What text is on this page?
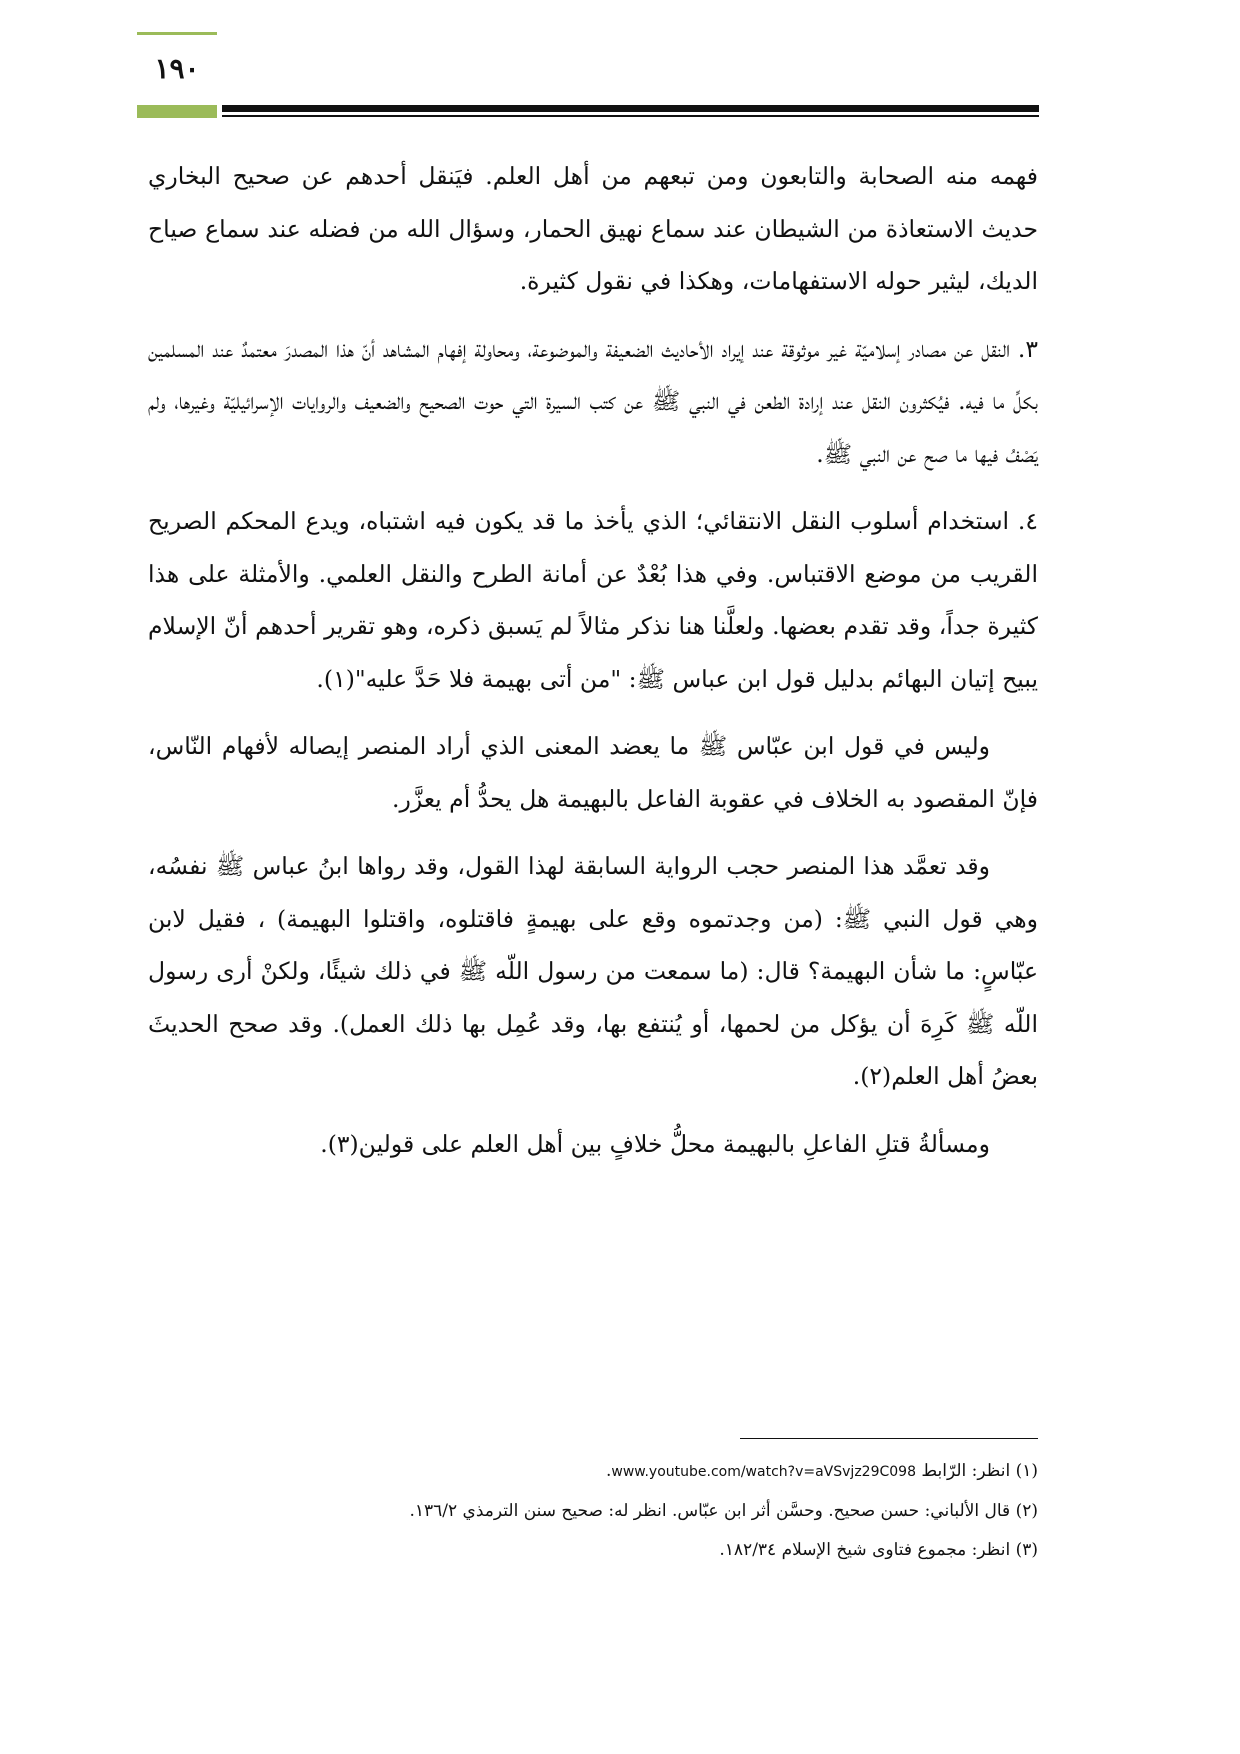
١٩٠

فهمه منه الصحابة والتابعون ومن تبعهم من أهل العلم. فيَنقل أحدهم عن صحيح البخاري حديث الاستعاذة من الشيطان عند سماع نهيق الحمار، وسؤال الله من فضله عند سماع صياح الديك، ليثير حوله الاستفهامات، وهكذا في نقول كثيرة.

٣. النقل عن مصادر إسلاميّة غير موثوقة عند إيراد الأحاديث الضعيفة والموضوعة، ومحاولة إفهام المشاهد أنّ هذا المصدرَ معتمدٌ عند المسلمين بكلِّ ما فيه. فيُكثرون النقل عند إرادة الطعن في النبي ﷺ عن كتب السيرة التي حوت الصحيح والضعيف والروايات الإسرائيليّة وغيرها، ولم يَصْفُ فيها ما صح عن النبي ﷺ.

٤. استخدام أسلوب النقل الانتقائي؛ الذي يأخذ ما قد يكون فيه اشتباه، ويدع المحكم الصريح القريب من موضع الاقتباس. وفي هذا بُعْدٌ عن أمانة الطرح والنقل العلمي. والأمثلة على هذا كثيرة جداً، وقد تقدم بعضها. ولعلَّنا هنا نذكر مثالاً لم يَسبق ذكره، وهو تقرير أحدهم أنّ الإسلام يبيح إتيان البهائم بدليل قول ابن عباس ﷺ: "من أتى بهيمة فلا حَدَّ عليه"(١).

وليس في قول ابن عبّاس ﷺ ما يعضد المعنى الذي أراد المنصر إيصاله لأفهام النّاس، فإنّ المقصود به الخلاف في عقوبة الفاعل بالبهيمة هل يحدُّ أم يعزَّر.

وقد تعمَّد هذا المنصر حجب الرواية السابقة لهذا القول، وقد رواها ابنُ عباس ﷺ نفسُه، وهي قول النبي ﷺ: (من وجدتموه وقع على بهيمةٍ فاقتلوه، واقتلوا البهيمة) ، فقيل لابن عبّاسٍ: ما شأن البهيمة؟ قال: (ما سمعت من رسول اللّه ﷺ في ذلك شيئًا، ولكنْ أرى رسول اللّه ﷺ كَرِهَ أن يؤكل من لحمها، أو يُنتفع بها، وقد عُمِل بها ذلك العمل). وقد صحح الحديثَ بعضُ أهل العلم(٢).

ومسألةُ قتلِ الفاعلِ بالبهيمة محلُّ خلافٍ بين أهل العلم على قولين(٣).

(١) انظر: الرّابط www.youtube.com/watch?v=aVSvjz29C098.

(٢) قال الألباني: حسن صحيح. وحسَّن أثر ابن عبّاس. انظر له: صحيح سنن الترمذي ١٣٦/٢.

(٣) انظر: مجموع فتاوى شيخ الإسلام ١٨٢/٣٤.
